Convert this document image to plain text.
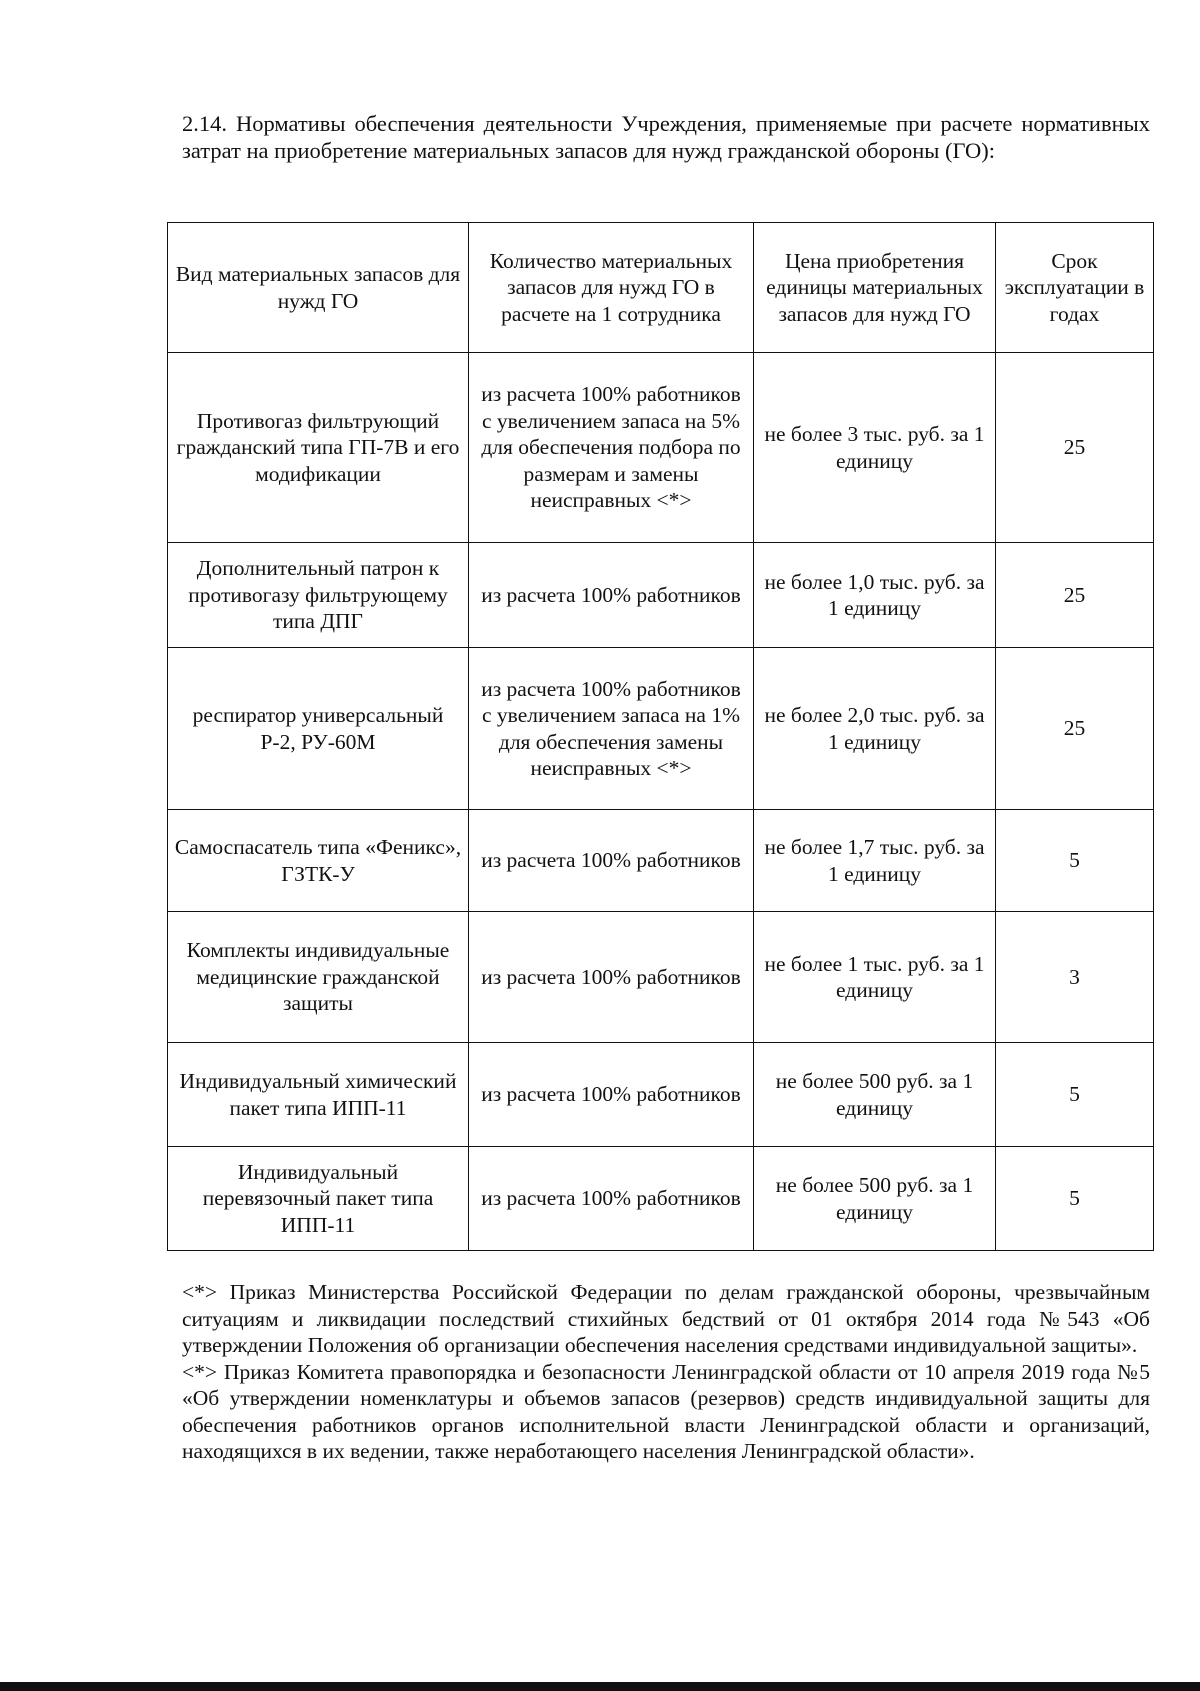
2.14. Нормативы обеспечения деятельности Учреждения, применяемые при расчете нормативных затрат на приобретение материальных запасов для нужд гражданской обороны (ГО):

Вид материальных запасов для нужд ГО	Количество материальных запасов для нужд ГО в расчете на 1 сотрудника	Цена приобретения единицы материальных запасов для нужд ГО	Срок эксплуатации в годах
Противогаз фильтрующий гражданский типа ГП-7В и его модификации	из расчета 100% работников с увеличением запаса на 5% для обеспечения подбора по размерам и замены неисправных <*>	не более 3 тыс. руб. за 1 единицу	25
Дополнительный патрон к противогазу фильтрующему типа ДПГ	из расчета 100% работников	не более 1,0 тыс. руб. за 1 единицу	25
респиратор универсальный Р-2, РУ-60М	из расчета 100% работников с увеличением запаса на 1% для обеспечения замены неисправных <*>	не более 2,0 тыс. руб. за 1 единицу	25
Самоспасатель типа «Феникс», ГЗТК-У	из расчета 100% работников	не более 1,7 тыс. руб. за 1 единицу	5
Комплекты индивидуальные медицинские гражданской защиты	из расчета 100% работников	не более 1 тыс. руб. за 1 единицу	3
Индивидуальный химический пакет типа ИПП-11	из расчета 100% работников	не более 500 руб. за 1 единицу	5
Индивидуальный перевязочный пакет типа ИПП-11	из расчета 100% работников	не более 500 руб. за 1 единицу	5

<*> Приказ Министерства Российской Федерации по делам гражданской обороны, чрезвычайным ситуациям и ликвидации последствий стихийных бедствий от 01 октября 2014 года №543 «Об утверждении Положения об организации обеспечения населения средствами индивидуальной защиты».

<*> Приказ Комитета правопорядка и безопасности Ленинградской области от 10 апреля 2019 года №5 «Об утверждении номенклатуры и объемов запасов (резервов) средств индивидуальной защиты для обеспечения работников органов исполнительной власти Ленинградской области и организаций, находящихся в их ведении, также неработающего населения Ленинградской области».
